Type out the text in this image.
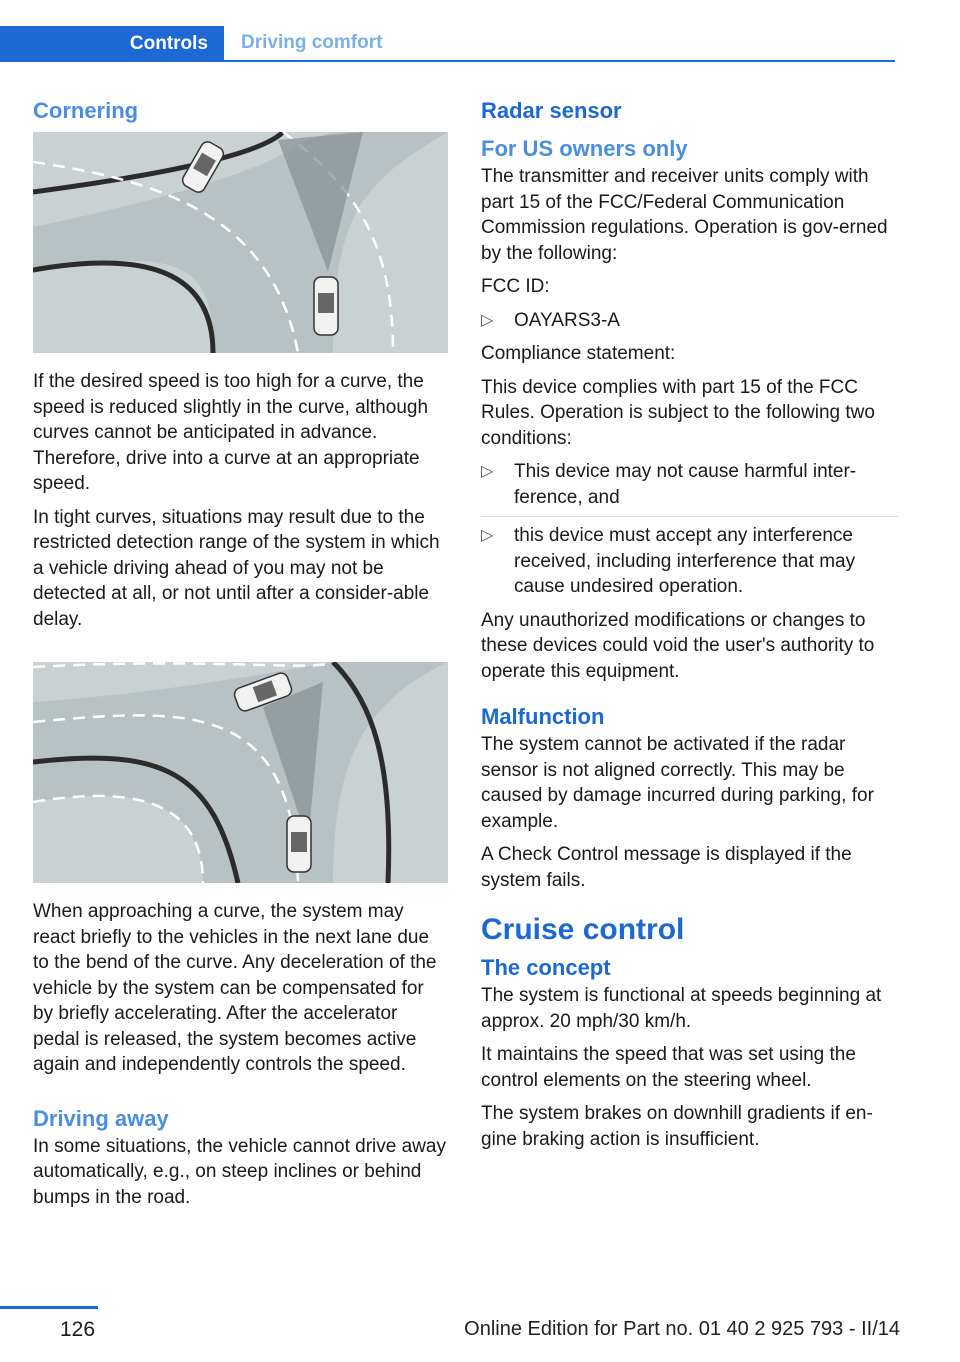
Controls	Driving comfort
Cornering

If the desired speed is too high for a curve, the speed is reduced slightly in the curve, although curves cannot be anticipated in advance. Therefore, drive into a curve at an appropriate speed.

In tight curves, situations may result due to the restricted detection range of the system in which a vehicle driving ahead of you may not be detected at all, or not until after a consider-able delay.

When approaching a curve, the system may react briefly to the vehicles in the next lane due to the bend of the curve. Any deceleration of the vehicle by the system can be compensated for by briefly accelerating. After the accelerator pedal is released, the system becomes active again and independently controls the speed.

Driving away

In some situations, the vehicle cannot drive away automatically, e.g., on steep inclines or behind bumps in the road.

Radar sensor
For US owners only

The transmitter and receiver units comply with part 15 of the FCC/Federal Communication Commission regulations. Operation is gov-erned by the following:

FCC ID:

▷ OAYARS3-A

Compliance statement:

This device complies with part 15 of the FCC Rules. Operation is subject to the following two conditions:

▷ This device may not cause harmful inter-ference, and
▷ this device must accept any interference received, including interference that may cause undesired operation.

Any unauthorized modifications or changes to these devices could void the user's authority to operate this equipment.

Malfunction

The system cannot be activated if the radar sensor is not aligned correctly. This may be caused by damage incurred during parking, for example.

A Check Control message is displayed if the system fails.

Cruise control
The concept

The system is functional at speeds beginning at approx. 20 mph/30 km/h.

It maintains the speed that was set using the control elements on the steering wheel.

The system brakes on downhill gradients if en-gine braking action is insufficient.

126	Online Edition for Part no. 01 40 2 925 793 - II/14
